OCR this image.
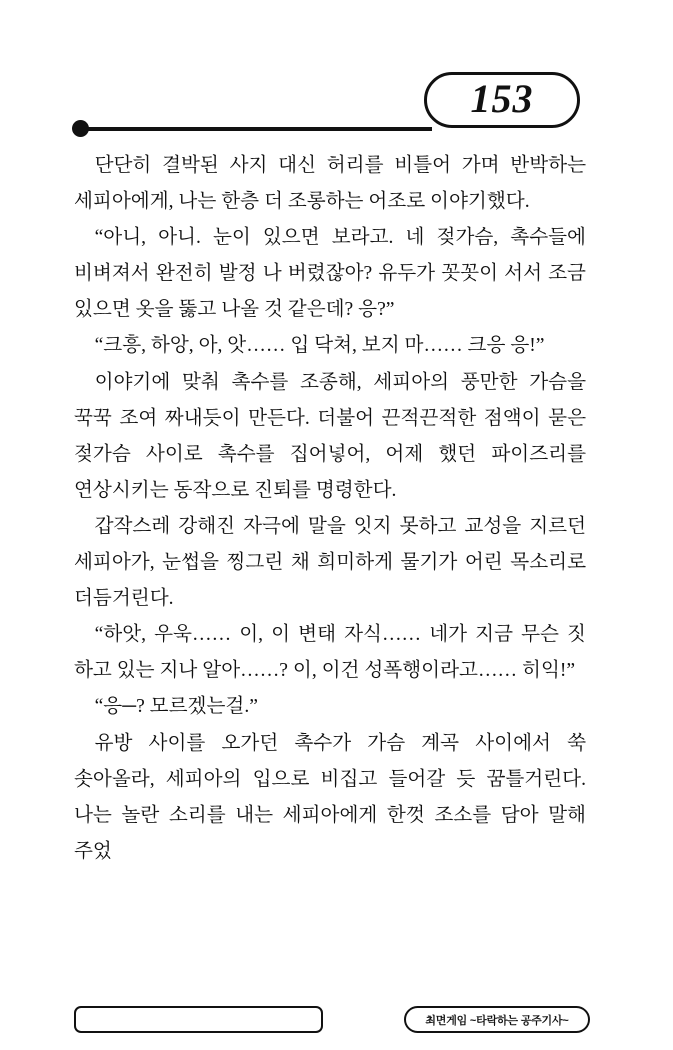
153

단단히 결박된 사지 대신 허리를 비틀어 가며 반박하는 세피아에게, 나는 한층 더 조롱하는 어조로 이야기했다.

“아니, 아니. 눈이 있으면 보라고. 네 젖가슴, 촉수들에 비벼져서 완전히 발정 나 버렸잖아? 유두가 꼿꼿이 서서 조금 있으면 옷을 뚫고 나올 것 같은데? 응?”

“크흥, 하앙, 아, 앗…… 입 닥쳐, 보지 마…… 크응 응!”

이야기에 맞춰 촉수를 조종해, 세피아의 풍만한 가슴을 꾹꾹 조여 짜내듯이 만든다. 더불어 끈적끈적한 점액이 묻은 젖가슴 사이로 촉수를 집어넣어, 어제 했던 파이즈리를 연상시키는 동작으로 진퇴를 명령한다.

갑작스레 강해진 자극에 말을 잇지 못하고 교성을 지르던 세피아가, 눈썹을 찡그린 채 희미하게 물기가 어린 목소리로 더듬거린다.

“하앗, 우욱…… 이, 이 변태 자식…… 네가 지금 무슨 짓 하고 있는 지나 알아……? 이, 이건 성폭행이라고…… 히익!”

“응─? 모르겠는걸.”

유방 사이를 오가던 촉수가 가슴 계곡 사이에서 쑥 솟아올라, 세피아의 입으로 비집고 들어갈 듯 꿈틀거린다. 나는 놀란 소리를 내는 세피아에게 한껏 조소를 담아 말해 주었

최면게임 ~타락하는 공주기사~
